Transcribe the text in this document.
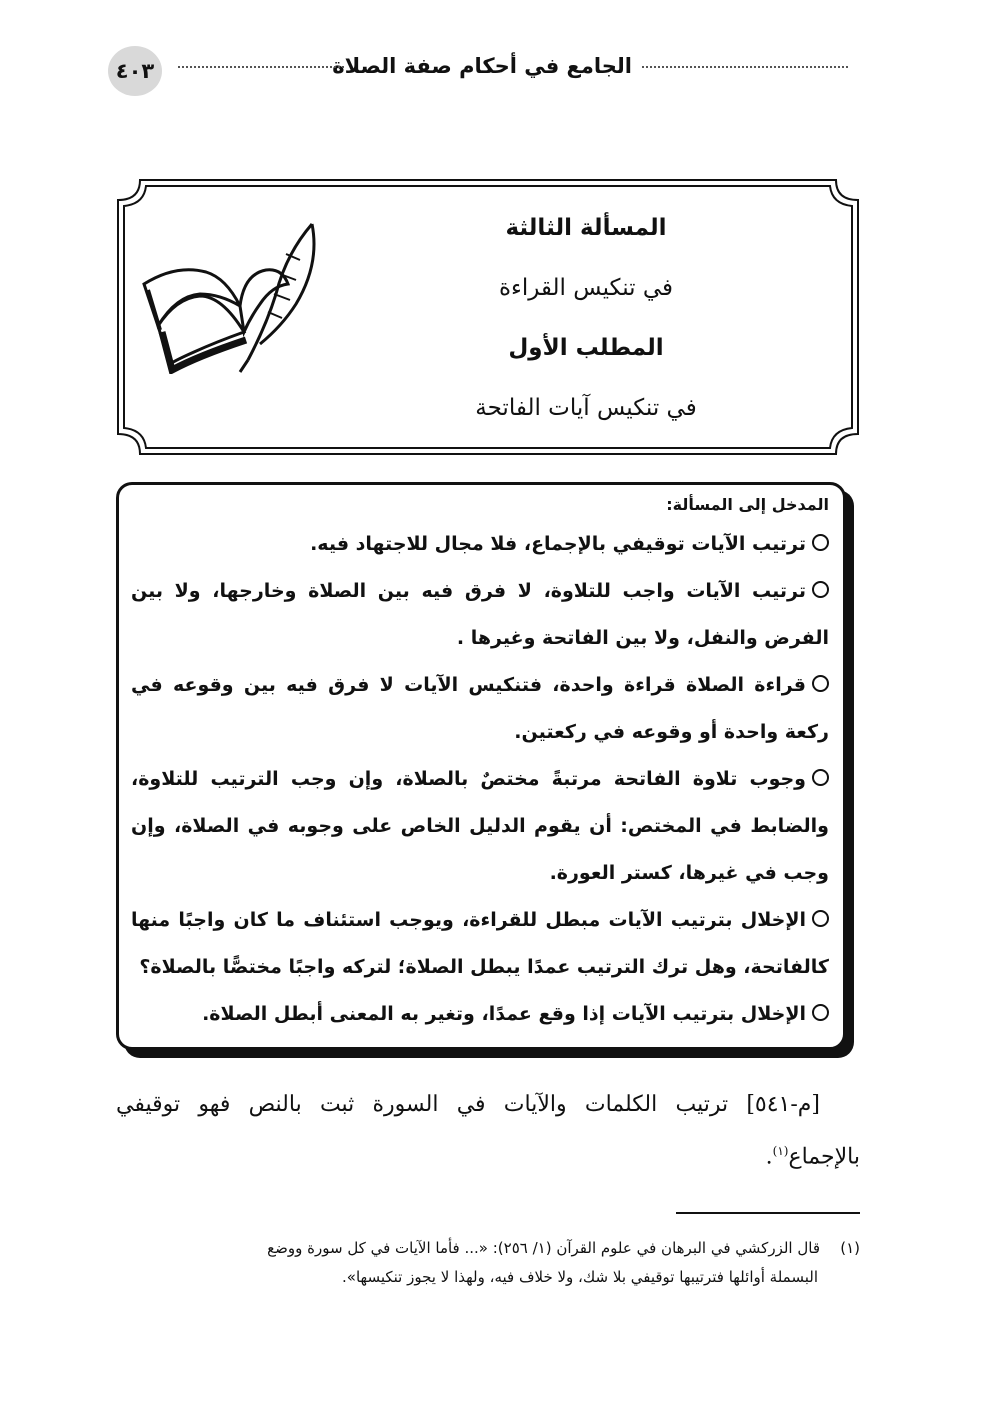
الجامع في أحكام صفة الصلاة
٤٠٣
المسألة الثالثة
في تنكيس القراءة
المطلب الأول
في تنكيس آيات الفاتحة
المدخل إلى المسألة:
ترتيب الآيات توقيفي بالإجماع، فلا مجال للاجتهاد فيه.
ترتيب الآيات واجب للتلاوة، لا فرق فيه بين الصلاة وخارجها، ولا بين الفرض والنفل، ولا بين الفاتحة وغيرها .
قراءة الصلاة قراءة واحدة، فتنكيس الآيات لا فرق فيه بين وقوعه في ركعة واحدة أو وقوعه في ركعتين.
وجوب تلاوة الفاتحة مرتبةً مختصٌ بالصلاة، وإن وجب الترتيب للتلاوة، والضابط في المختص: أن يقوم الدليل الخاص على وجوبه في الصلاة، وإن وجب في غيرها، كستر العورة.
الإخلال بترتيب الآيات مبطل للقراءة، ويوجب استئناف ما كان واجبًا منها كالفاتحة، وهل ترك الترتيب عمدًا يبطل الصلاة؛ لتركه واجبًا مختصًّا بالصلاة؟
الإخلال بترتيب الآيات إذا وقع عمدًا، وتغير به المعنى أبطل الصلاة.
[م-٥٤١] ترتيب الكلمات والآيات في السورة ثبت بالنص فهو توقيفي بالإجماع$^{(١)}$.
(١)قال الزركشي في البرهان في علوم القرآن (١/ ٢٥٦): «... فأما الآيات في كل سورة ووضع
البسملة أوائلها فترتيبها توقيفي بلا شك، ولا خلاف فيه، ولهذا لا يجوز تنكيسها».
